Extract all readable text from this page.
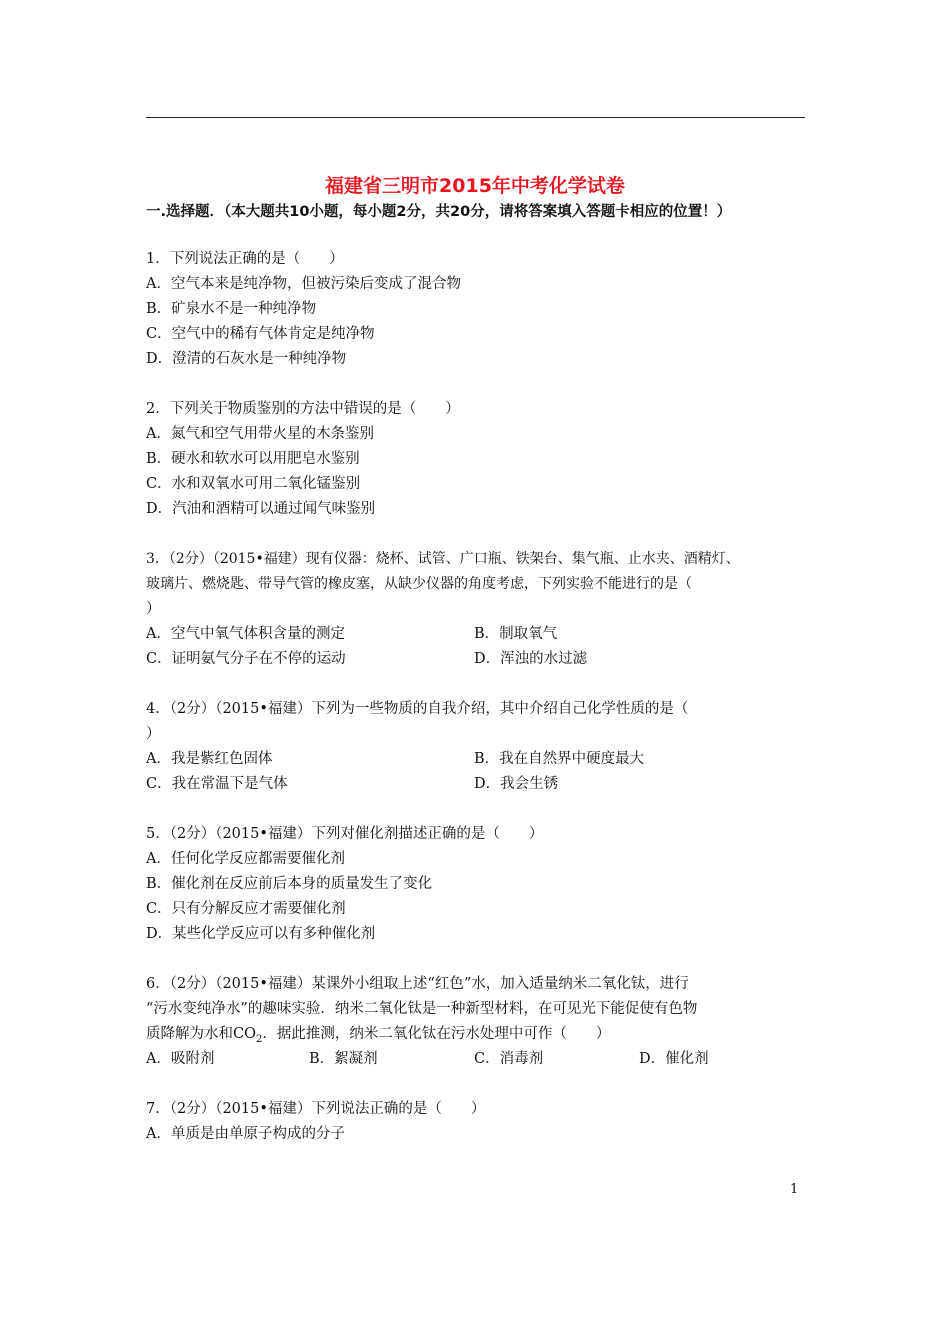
福建省三明市2015年中考化学试卷
一.选择题．（本大题共10小题，每小题2分，共20分，请将答案填入答题卡相应的位置！）
1．下列说法正确的是（　　）
A．空气本来是纯净物，但被污染后变成了混合物
B．矿泉水不是一种纯净物
C．空气中的稀有气体肯定是纯净物
D．澄清的石灰水是一种纯净物
2．下列关于物质鉴别的方法中错误的是（　　）
A．氮气和空气用带火星的木条鉴别
B．硬水和软水可以用肥皂水鉴别
C．水和双氧水可用二氧化锰鉴别
D．汽油和酒精可以通过闻气味鉴别
3．（2分）（2015•福建）现有仪器：烧杯、试管、广口瓶、铁架台、集气瓶、止水夹、酒精灯、
玻璃片、燃烧匙、带导气管的橡皮塞，从缺少仪器的角度考虑，下列实验不能进行的是（
）
A．空气中氧气体积含量的测定	B．制取氧气
C．证明氨气分子在不停的运动	D．浑浊的水过滤
4．（2分）（2015•福建）下列为一些物质的自我介绍，其中介绍自己化学性质的是（
）
A．我是紫红色固体	B．我在自然界中硬度最大
C．我在常温下是气体	D．我会生锈
5．（2分）（2015•福建）下列对催化剂描述正确的是（　　）
A．任何化学反应都需要催化剂
B．催化剂在反应前后本身的质量发生了变化
C．只有分解反应才需要催化剂
D．某些化学反应可以有多种催化剂
6．（2分）（2015•福建）某课外小组取上述“红色”水，加入适量纳米二氧化钛，进行
“污水变纯净水”的趣味实验．纳米二氧化钛是一种新型材料，在可见光下能促使有色物
质降解为水和$CO_2$．据此推测，纳米二氧化钛在污水处理中可作（　　）
A．吸附剂	B．絮凝剂	C．消毒剂	D．催化剂
7．（2分）（2015•福建）下列说法正确的是（　　）
A．单质是由单原子构成的分子
1
